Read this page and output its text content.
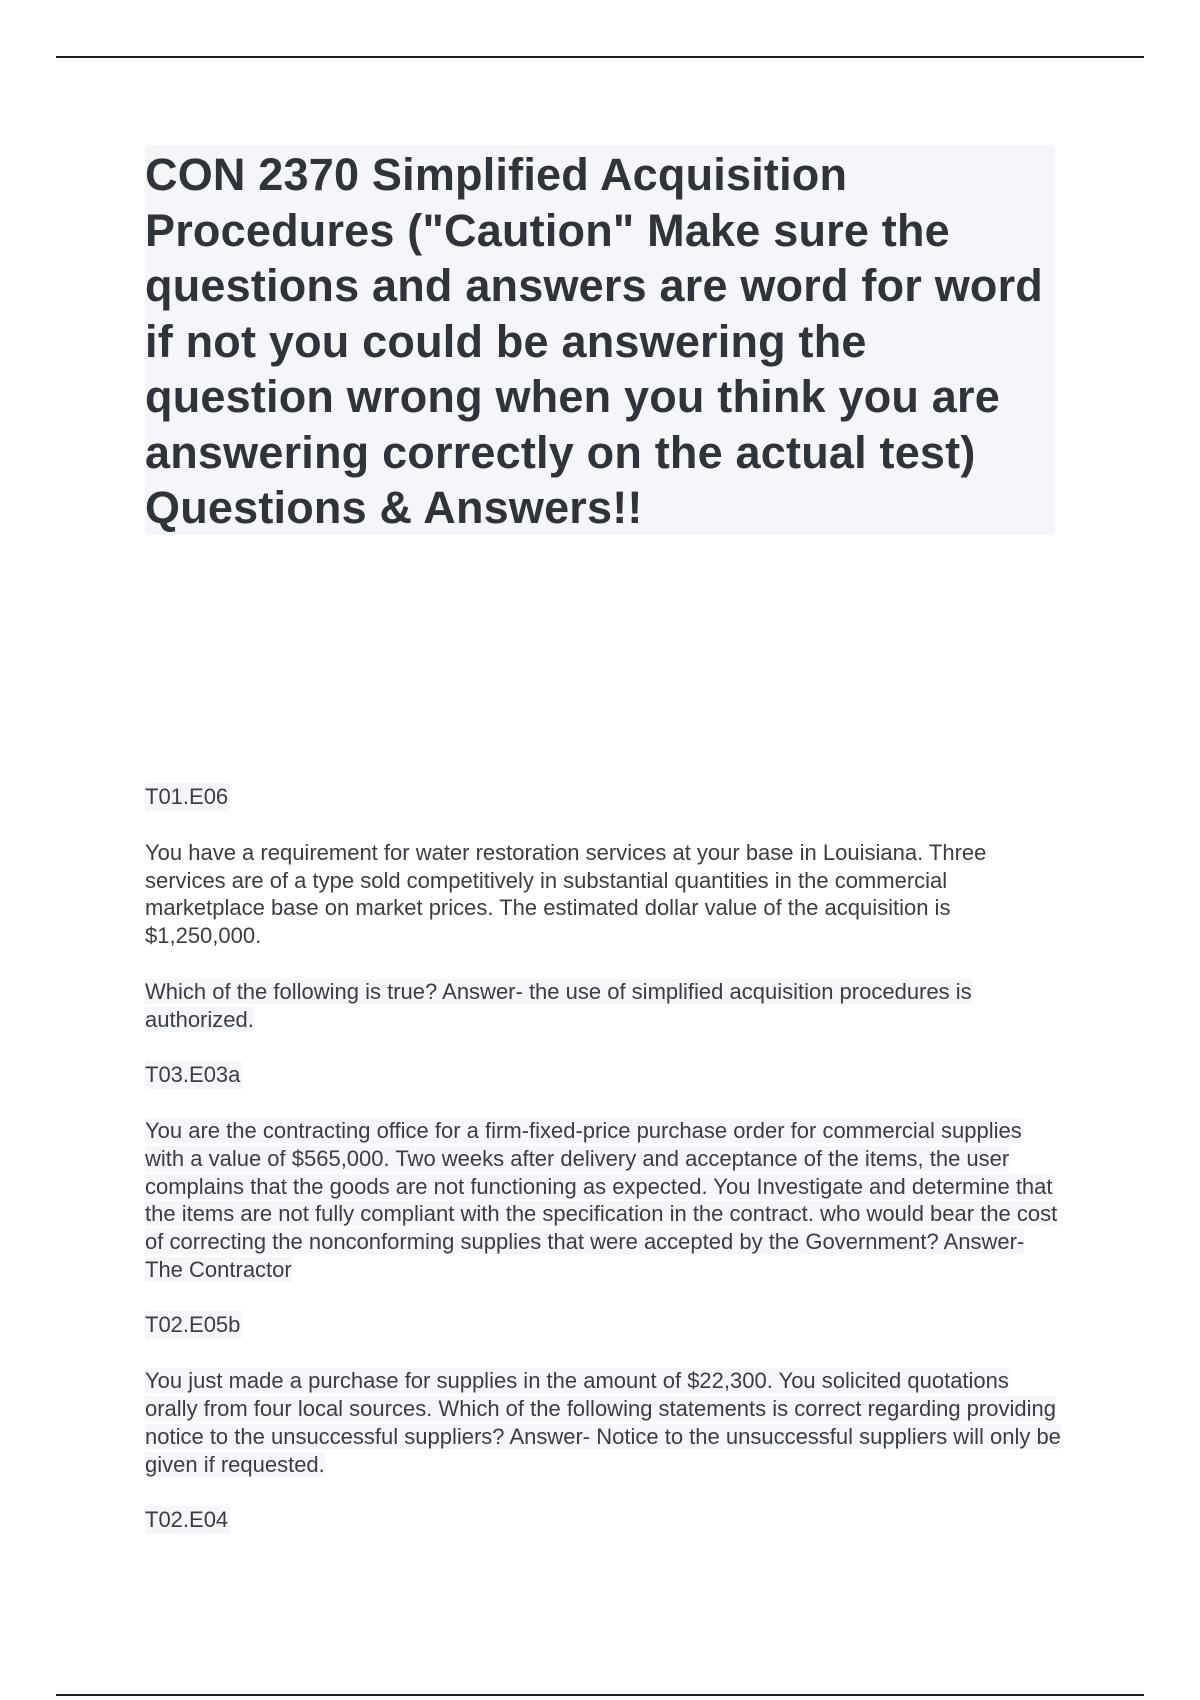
CON 2370 Simplified Acquisition Procedures ("Caution" Make sure the questions and answers are word for word if not you could be answering the question wrong when you think you are answering correctly on the actual test) Questions & Answers!!
T01.E06

You have a requirement for water restoration services at your base in Louisiana. Three services are of a type sold competitively in substantial quantities in the commercial marketplace base on market prices. The estimated dollar value of the acquisition is $1,250,000.

Which of the following is true? Answer- the use of simplified acquisition procedures is authorized.

T03.E03a

You are the contracting office for a firm-fixed-price purchase order for commercial supplies with a value of $565,000. Two weeks after delivery and acceptance of the items, the user complains that the goods are not functioning as expected. You Investigate and determine that the items are not fully compliant with the specification in the contract. who would bear the cost of correcting the nonconforming supplies that were accepted by the Government? Answer- The Contractor

T02.E05b

You just made a purchase for supplies in the amount of $22,300. You solicited quotations orally from four local sources. Which of the following statements is correct regarding providing notice to the unsuccessful suppliers? Answer- Notice to the unsuccessful suppliers will only be given if requested.

T02.E04
